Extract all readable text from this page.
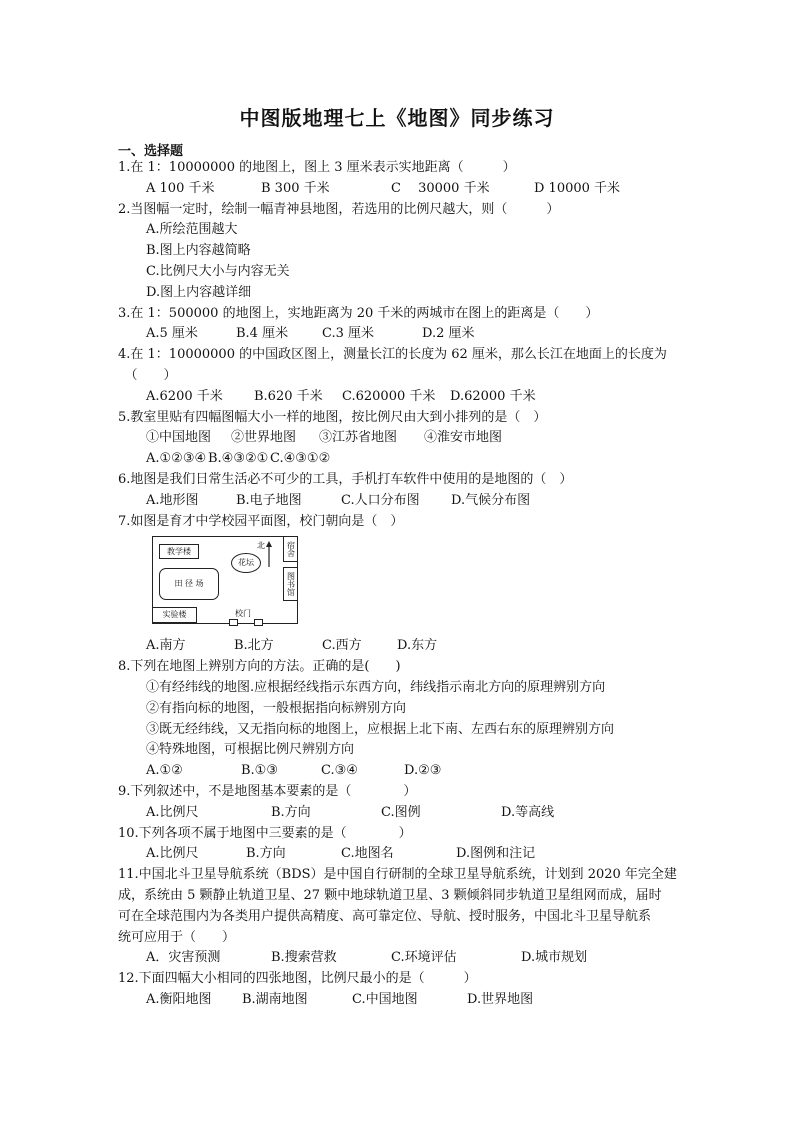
中图版地理七上《地图》同步练习
一、选择题
1.在 1：10000000 的地图上，图上 3 厘米表示实地距离（　　　）
A 100 千米	B 300 千米	C　 30000 千米	D 10000 千米
2.当图幅一定时，绘制一幅青神县地图，若选用的比例尺越大，则（　　　）
A.所绘范围越大
B.图上内容越简略
C.比例尺大小与内容无关
D.图上内容越详细
3.在 1：500000 的地图上，实地距离为 20 千米的两城市在图上的距离是（　　）
A.5 厘米	B.4 厘米	C.3 厘米	D.2 厘米
4.在 1：10000000 的中国政区图上，测量长江的长度为 62 厘米，那么长江在地面上的长度为
　（　　）
A.6200 千米 B.620 千米 C.620000 千米 D.62000 千米
5.教室里贴有四幅图幅大小一样的地图，按比例尺由大到小排列的是（　）
①中国地图 ②世界地图 ③江苏省地图 ④淮安市地图
A.①②③④ B.④③②① C.④③①②
6.地图是我们日常生活必不可少的工具，手机打车软件中使用的是地图的（　）
A.地形图	B.电子地图	C.人口分布图 D.气候分布图
7.如图是育才中学校园平面图，校门朝向是（　）
教学楼
花坛
北	宿舍
田 径 场	图书馆
实验楼	校门
A.南方	B.北方	C.西方	D.东方
8.下列在地图上辨别方向的方法。正确的是(　　)
①有经纬线的地图.应根据经线指示东西方向，纬线指示南北方向的原理辨别方向
②有指向标的地图，一般根据指向标辨别方向
③既无经纬线，又无指向标的地图上，应根据上北下南、左西右东的原理辨别方向
④特殊地图，可根据比例尺辨别方向
A.①②	B.①③	C.③④	D.②③
9.下列叙述中，不是地图基本要素的是（　　　　）
A.比例尺	B.方向	C.图例	D.等高线
10.下列各项不属于地图中三要素的是（　　　　）
A.比例尺	B.方向	C.地图名	D.图例和注记
11.中国北斗卫星导航系统（BDS）是中国自行研制的全球卫星导航系统，计划到 2020 年完全建
成，系统由 5 颗静止轨道卫星、27 颗中地球轨道卫星、3 颗倾斜同步轨道卫星组网而成，届时
可在全球范围内为各类用户提供高精度、高可靠定位、导航、授时服务，中国北斗卫星导航系
统可应用于（　　）
A．灾害预测	B.搜索营救	C.环境评估	D.城市规划
12.下面四幅大小相同的四张地图，比例尺最小的是（　　　）
A.衡阳地图 B.湖南地图	C.中国地图	D.世界地图
